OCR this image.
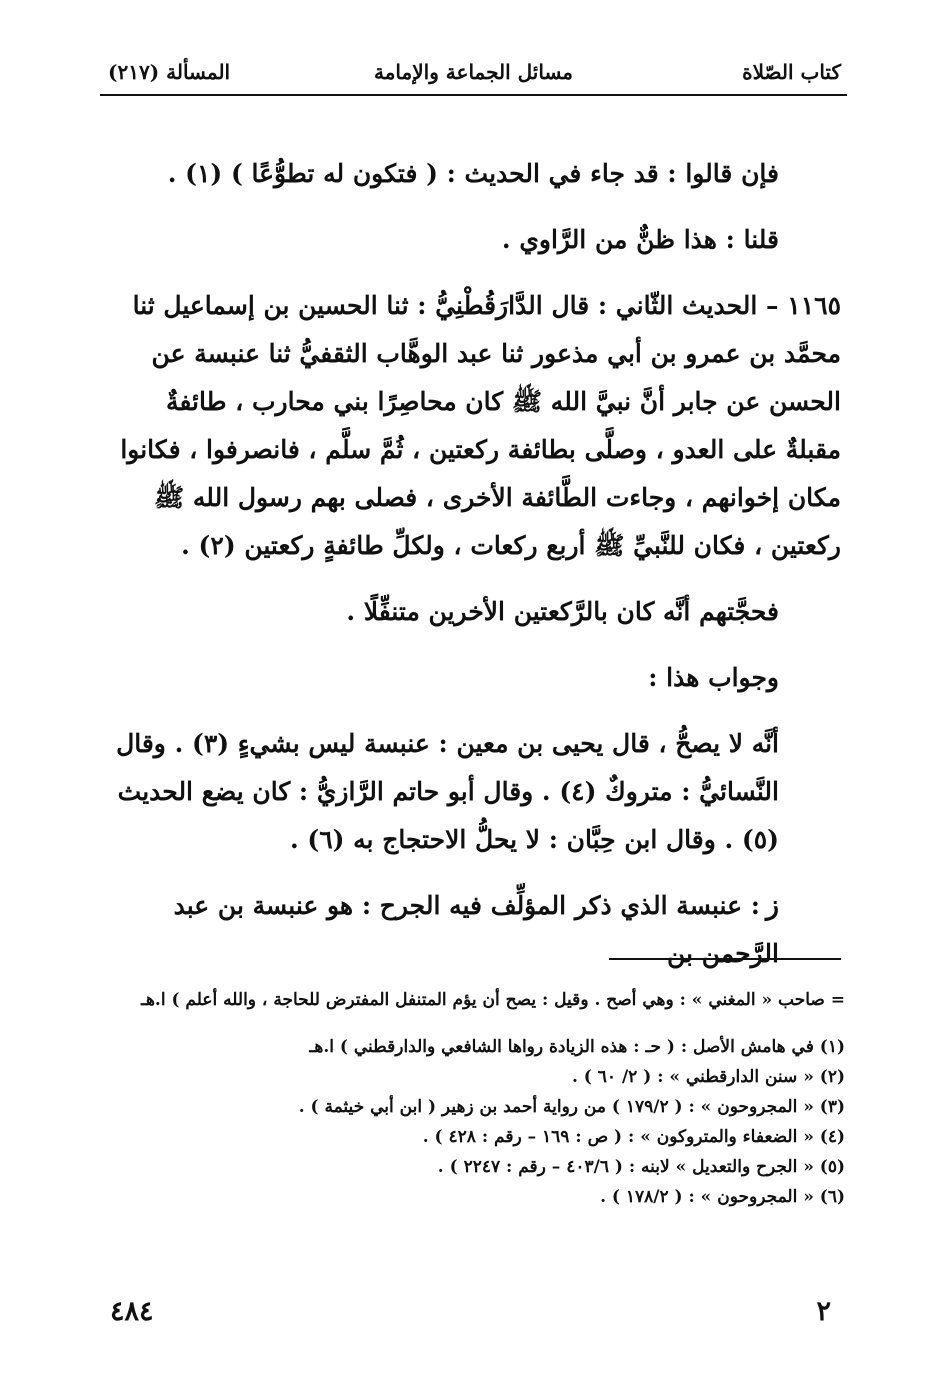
كتاب الصّلاة
مسائل الجماعة والإمامة
المسألة (٢١٧)

فإن قالوا : قد جاء في الحديث : ( فتكون له تطوُّعًا ) (١) .

قلنا : هذا ظنٌّ من الرَّاوي .

١١٦٥ – الحديث الثّاني : قال الدَّارَقُطْنِيُّ : ثنا الحسين بن إسماعيل ثنا محمَّد بن عمرو بن أبي مذعور ثنا عبد الوهَّاب الثقفيُّ ثنا عنبسة عن الحسن عن جابر أنَّ نبيَّ الله ﷺ كان محاصِرًا بني محارب ، طائفةٌ مقبلةٌ على العدو ، وصلَّى بطائفة ركعتين ، ثُمَّ سلَّم ، فانصرفوا ، فكانوا مكان إخوانهم ، وجاءت الطَّائفة الأخرى ، فصلى بهم رسول الله ﷺ ركعتين ، فكان للنَّبيِّ ﷺ أربع ركعات ، ولكلِّ طائفةٍ ركعتين (٢) .

فحجَّتهم أنَّه كان بالرَّكعتين الأخرين متنفِّلًا .

وجواب هذا :

أنَّه لا يصحُّ ، قال يحيى بن معين : عنبسة ليس بشيءٍ (٣) . وقال النَّسائيُّ : متروكٌ (٤) . وقال أبو حاتم الرَّازيُّ : كان يضع الحديث (٥) . وقال ابن حِبَّان : لا يحلُّ الاحتجاج به (٦) .

ز: عنبسة الذي ذكر المؤلِّف فيه الجرح : هو عنبسة بن عبد الرَّحمن بن

= صاحب « المغني » : وهي أصح . وقيل : يصح أن يؤم المتنفل المفترض للحاجة ، والله أعلم ) ا.هـ

(١) في هامش الأصل : ( حـ : هذه الزيادة رواها الشافعي والدارقطني ) ا.هـ

(٢) « سنن الدارقطني » : ( ٢/ ٦٠ ) .

(٣) « المجروحون » : ( ١٧٩/٢ ) من رواية أحمد بن زهير ( ابن أبي خيثمة ) .

(٤) « الضعفاء والمتروكون » : ( ص : ١٦٩ – رقم : ٤٢٨ ) .

(٥) « الجرح والتعديل » لابنه : ( ٤٠٣/٦ – رقم : ٢٢٤٧ ) .

(٦) « المجروحون » : ( ١٧٨/٢ ) .

٢
٤٨٤
